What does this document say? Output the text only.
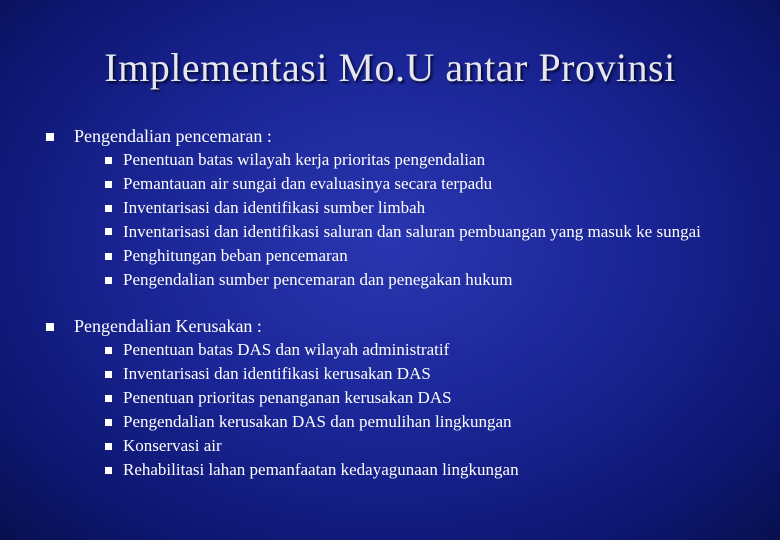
Implementasi Mo.U antar Provinsi
Pengendalian pencemaran :
Penentuan batas wilayah kerja prioritas pengendalian
Pemantauan air sungai dan evaluasinya secara terpadu
Inventarisasi dan identifikasi sumber limbah
Inventarisasi dan identifikasi saluran dan saluran pembuangan yang masuk ke sungai
Penghitungan beban pencemaran
Pengendalian sumber pencemaran dan penegakan hukum
Pengendalian Kerusakan :
Penentuan batas DAS dan wilayah administratif
Inventarisasi dan identifikasi kerusakan DAS
Penentuan prioritas penanganan kerusakan DAS
Pengendalian kerusakan DAS dan pemulihan lingkungan
Konservasi air
Rehabilitasi lahan pemanfaatan kedayagunaan lingkungan
